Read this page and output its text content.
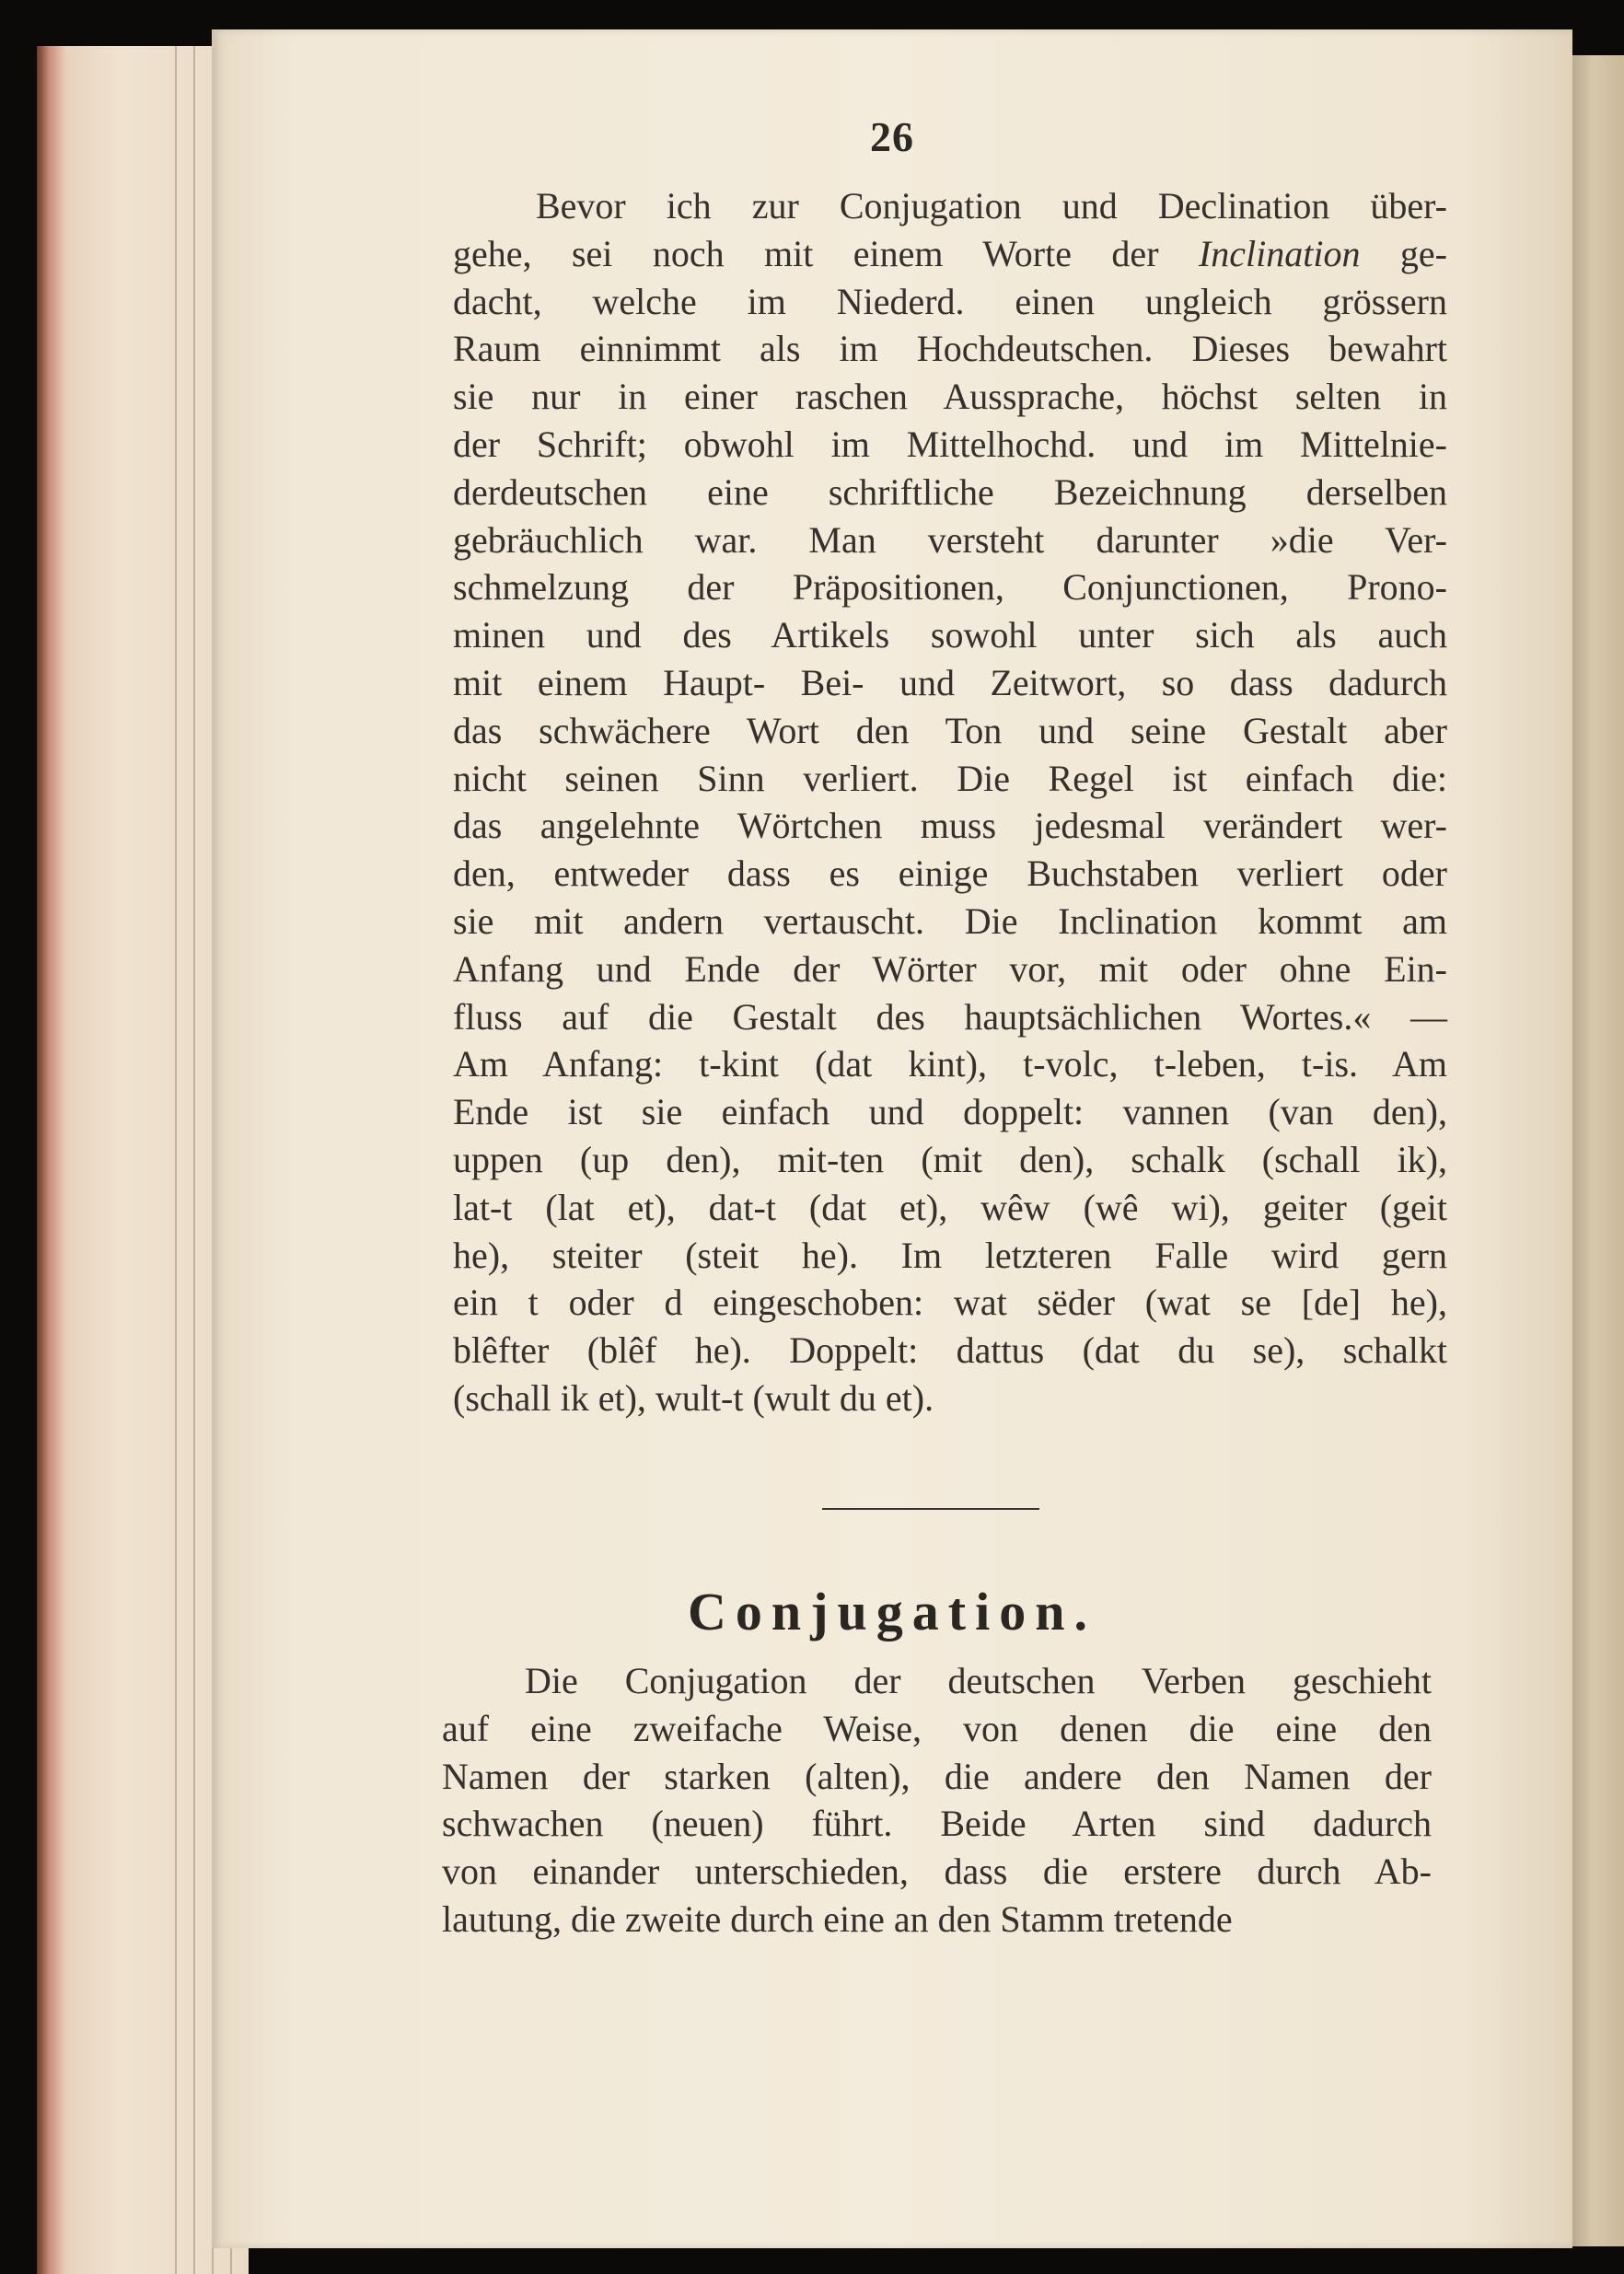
26
Bevor ich zur Conjugation und Declination über-
gehe, sei noch mit einem Worte der Inclination ge-
dacht, welche im Niederd. einen ungleich grössern
Raum einnimmt als im Hochdeutschen. Dieses bewahrt
sie nur in einer raschen Aussprache, höchst selten in
der Schrift; obwohl im Mittelhochd. und im Mittelnie-
derdeutschen eine schriftliche Bezeichnung derselben
gebräuchlich war. Man versteht darunter »die Ver-
schmelzung der Präpositionen, Conjunctionen, Prono-
minen und des Artikels sowohl unter sich als auch
mit einem Haupt- Bei- und Zeitwort, so dass dadurch
das schwächere Wort den Ton und seine Gestalt aber
nicht seinen Sinn verliert. Die Regel ist einfach die:
das angelehnte Wörtchen muss jedesmal verändert wer-
den, entweder dass es einige Buchstaben verliert oder
sie mit andern vertauscht. Die Inclination kommt am
Anfang und Ende der Wörter vor, mit oder ohne Ein-
fluss auf die Gestalt des hauptsächlichen Wortes.« —
Am Anfang: t-kint (dat kint), t-volc, t-leben, t-is. Am
Ende ist sie einfach und doppelt: vannen (van den),
uppen (up den), mit-ten (mit den), schalk (schall ik),
lat-t (lat et), dat-t (dat et), wêw (wê wi), geiter (geit
he), steiter (steit he). Im letzteren Falle wird gern
ein t oder d eingeschoben: wat sëder (wat se [de] he),
blêfter (blêf he). Doppelt: dattus (dat du se), schalkt
(schall ik et), wult-t (wult du et).
Conjugation.
Die Conjugation der deutschen Verben geschieht
auf eine zweifache Weise, von denen die eine den
Namen der starken (alten), die andere den Namen der
schwachen (neuen) führt. Beide Arten sind dadurch
von einander unterschieden, dass die erstere durch Ab-
lautung, die zweite durch eine an den Stamm tretende
